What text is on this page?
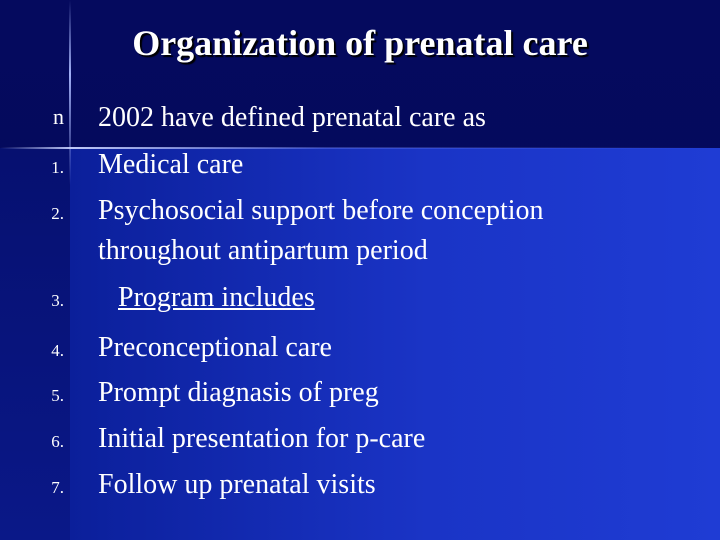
Organization of prenatal care
n 2002 have defined prenatal care as
1. Medical care
2. Psychosocial support before conception
throughout antipartum period
3. Program includes
4. Preconceptional care
5. Prompt diagnasis of preg
6. Initial presentation for p-care
7. Follow up prenatal visits
